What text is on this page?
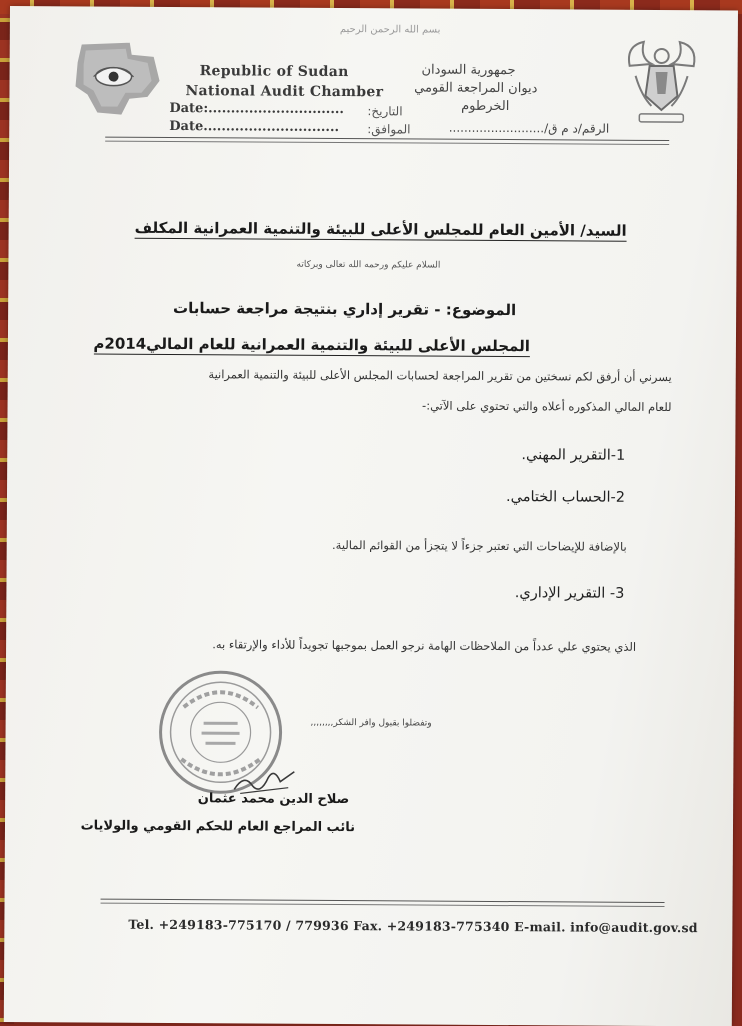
بسم الله الرحمن الرحيم
Republic of Sudan
National Audit Chamber
Date:..............................
Date..............................
التاريخ:
الموافق:
جمهورية السودان
ديوان المراجعة القومي
الخرطوم
الرقم/د م ق/.........................
السيد/ الأمين العام للمجلس الأعلى للبيئة والتنمية العمرانية المكلف
السلام عليكم ورحمه الله تعالى وبركاته
الموضوع: - تقرير إداري بنتيجة مراجعة حسابات
المجلس الأعلى للبيئة والتنمية العمرانية للعام المالي2014م
يسرني أن أرفق لكم نسختين من تقرير المراجعة لحسابات المجلس الأعلى للبيئة والتنمية العمرانية
للعام المالي المذكوره أعلاه والتي تحتوي على الآتي:-
1-التقرير المهني.
2-الحساب الختامي.
بالإضافة للإيضاحات التي تعتبر جزءاً لا يتجزأ من القوائم المالية.
3- التقرير الإداري.
الذي يحتوي علي عدداً من الملاحظات الهامة نرجو العمل بموجبها تجويداً للأداء والإرتقاء به.
وتفضلوا بقبول وافر الشكر,,,,,,,,
صلاح الدين محمد عثمان
نائب المراجع العام للحكم القومي والولايات
Tel. +249183-775170 / 779936 Fax. +249183-775340 E-mail. info@audit.gov.sd
